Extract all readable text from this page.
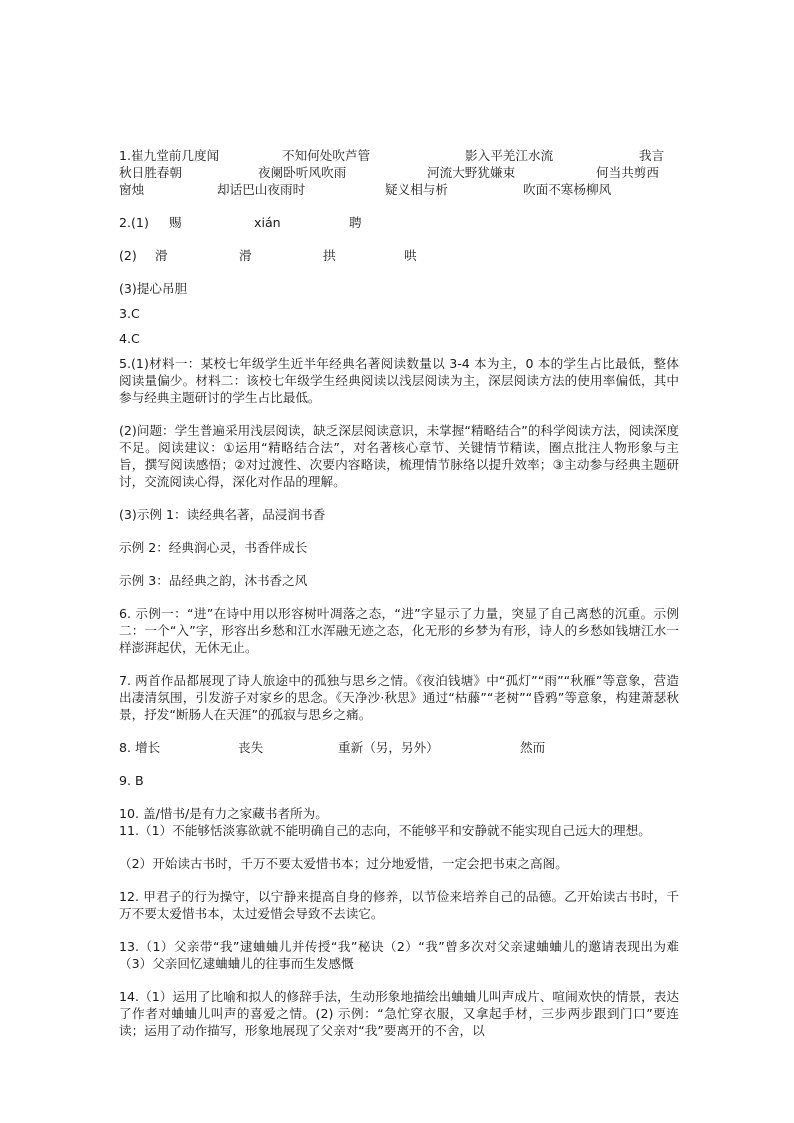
1.崔九堂前几度闻	不知何处吹芦管	影入平羌江水流	我言
秋日胜春朝	夜阑卧听风吹雨	河流大野犹嫌束	何当共剪西
窗烛	却话巴山夜雨时	疑义相与析	吹面不寒杨柳风
2.(1)	赐	xián	聘
(2)	滑	滑	拱	哄

(3)提心吊胆

3.C

4.C

5.(1)材料一：某校七年级学生近半年经典名著阅读数量以 3-4 本为主，0 本的学生占比最低，整体阅读量偏少。材料二：该校七年级学生经典阅读以浅层阅读为主，深层阅读方法的使用率偏低，其中参与经典主题研讨的学生占比最低。

(2)问题：学生普遍采用浅层阅读，缺乏深层阅读意识，未掌握“精略结合”的科学阅读方法，阅读深度不足。阅读建议：①运用“精略结合法”，对名著核心章节、关键情节精读，圈点批注人物形象与主旨，撰写阅读感悟；②对过渡性、次要内容略读，梳理情节脉络以提升效率；③主动参与经典主题研讨，交流阅读心得，深化对作品的理解。

(3)示例 1：读经典名著，品浸润书香

示例 2：经典润心灵，书香伴成长

示例 3：品经典之韵，沐书香之风

6. 示例一：“进”在诗中用以形容树叶凋落之态，“进”字显示了力量，突显了自己离愁的沉重。示例二：一个“入”字，形容出乡愁和江水浑融无迹之态，化无形的乡梦为有形，诗人的乡愁如钱塘江水一样澎湃起伏，无休无止。

7. 两首作品都展现了诗人旅途中的孤独与思乡之情。《夜泊钱塘》中“孤灯”“雨”“秋雁”等意象，营造出凄清氛围，引发游子对家乡的思念。《天净沙·秋思》通过“枯藤”“老树”“昏鸦”等意象，构建萧瑟秋景，抒发“断肠人在天涯”的孤寂与思乡之痛。

8. 增长	丧失	重新（另，另外）	然而

9. B

10. 盖/惜书/是有力之家藏书者所为。

11.（1）不能够恬淡寡欲就不能明确自己的志向，不能够平和安静就不能实现自己远大的理想。

（2）开始读古书时，千万不要太爱惜书本；过分地爱惜，一定会把书束之高阁。

12. 甲君子的行为操守，以宁静来提高自身的修养，以节俭来培养自己的品德。乙开始读古书时，千万不要太爱惜书本，太过爱惜会导致不去读它。

13.（1）父亲带“我”逮蛐蛐儿并传授“我”秘诀（2）“我”曾多次对父亲逮蛐蛐儿的邀请表现出为难（3）父亲回忆逮蛐蛐儿的往事而生发感慨

14.（1）运用了比喻和拟人的修辞手法，生动形象地描绘出蛐蛐儿叫声成片、喧闹欢快的情景，表达了作者对蛐蛐儿叫声的喜爱之情。(2) 示例：“急忙穿衣服，又拿起手材，三步两步跟到门口”要连读；运用了动作描写，形象地展现了父亲对“我”要离开的不舍，以
